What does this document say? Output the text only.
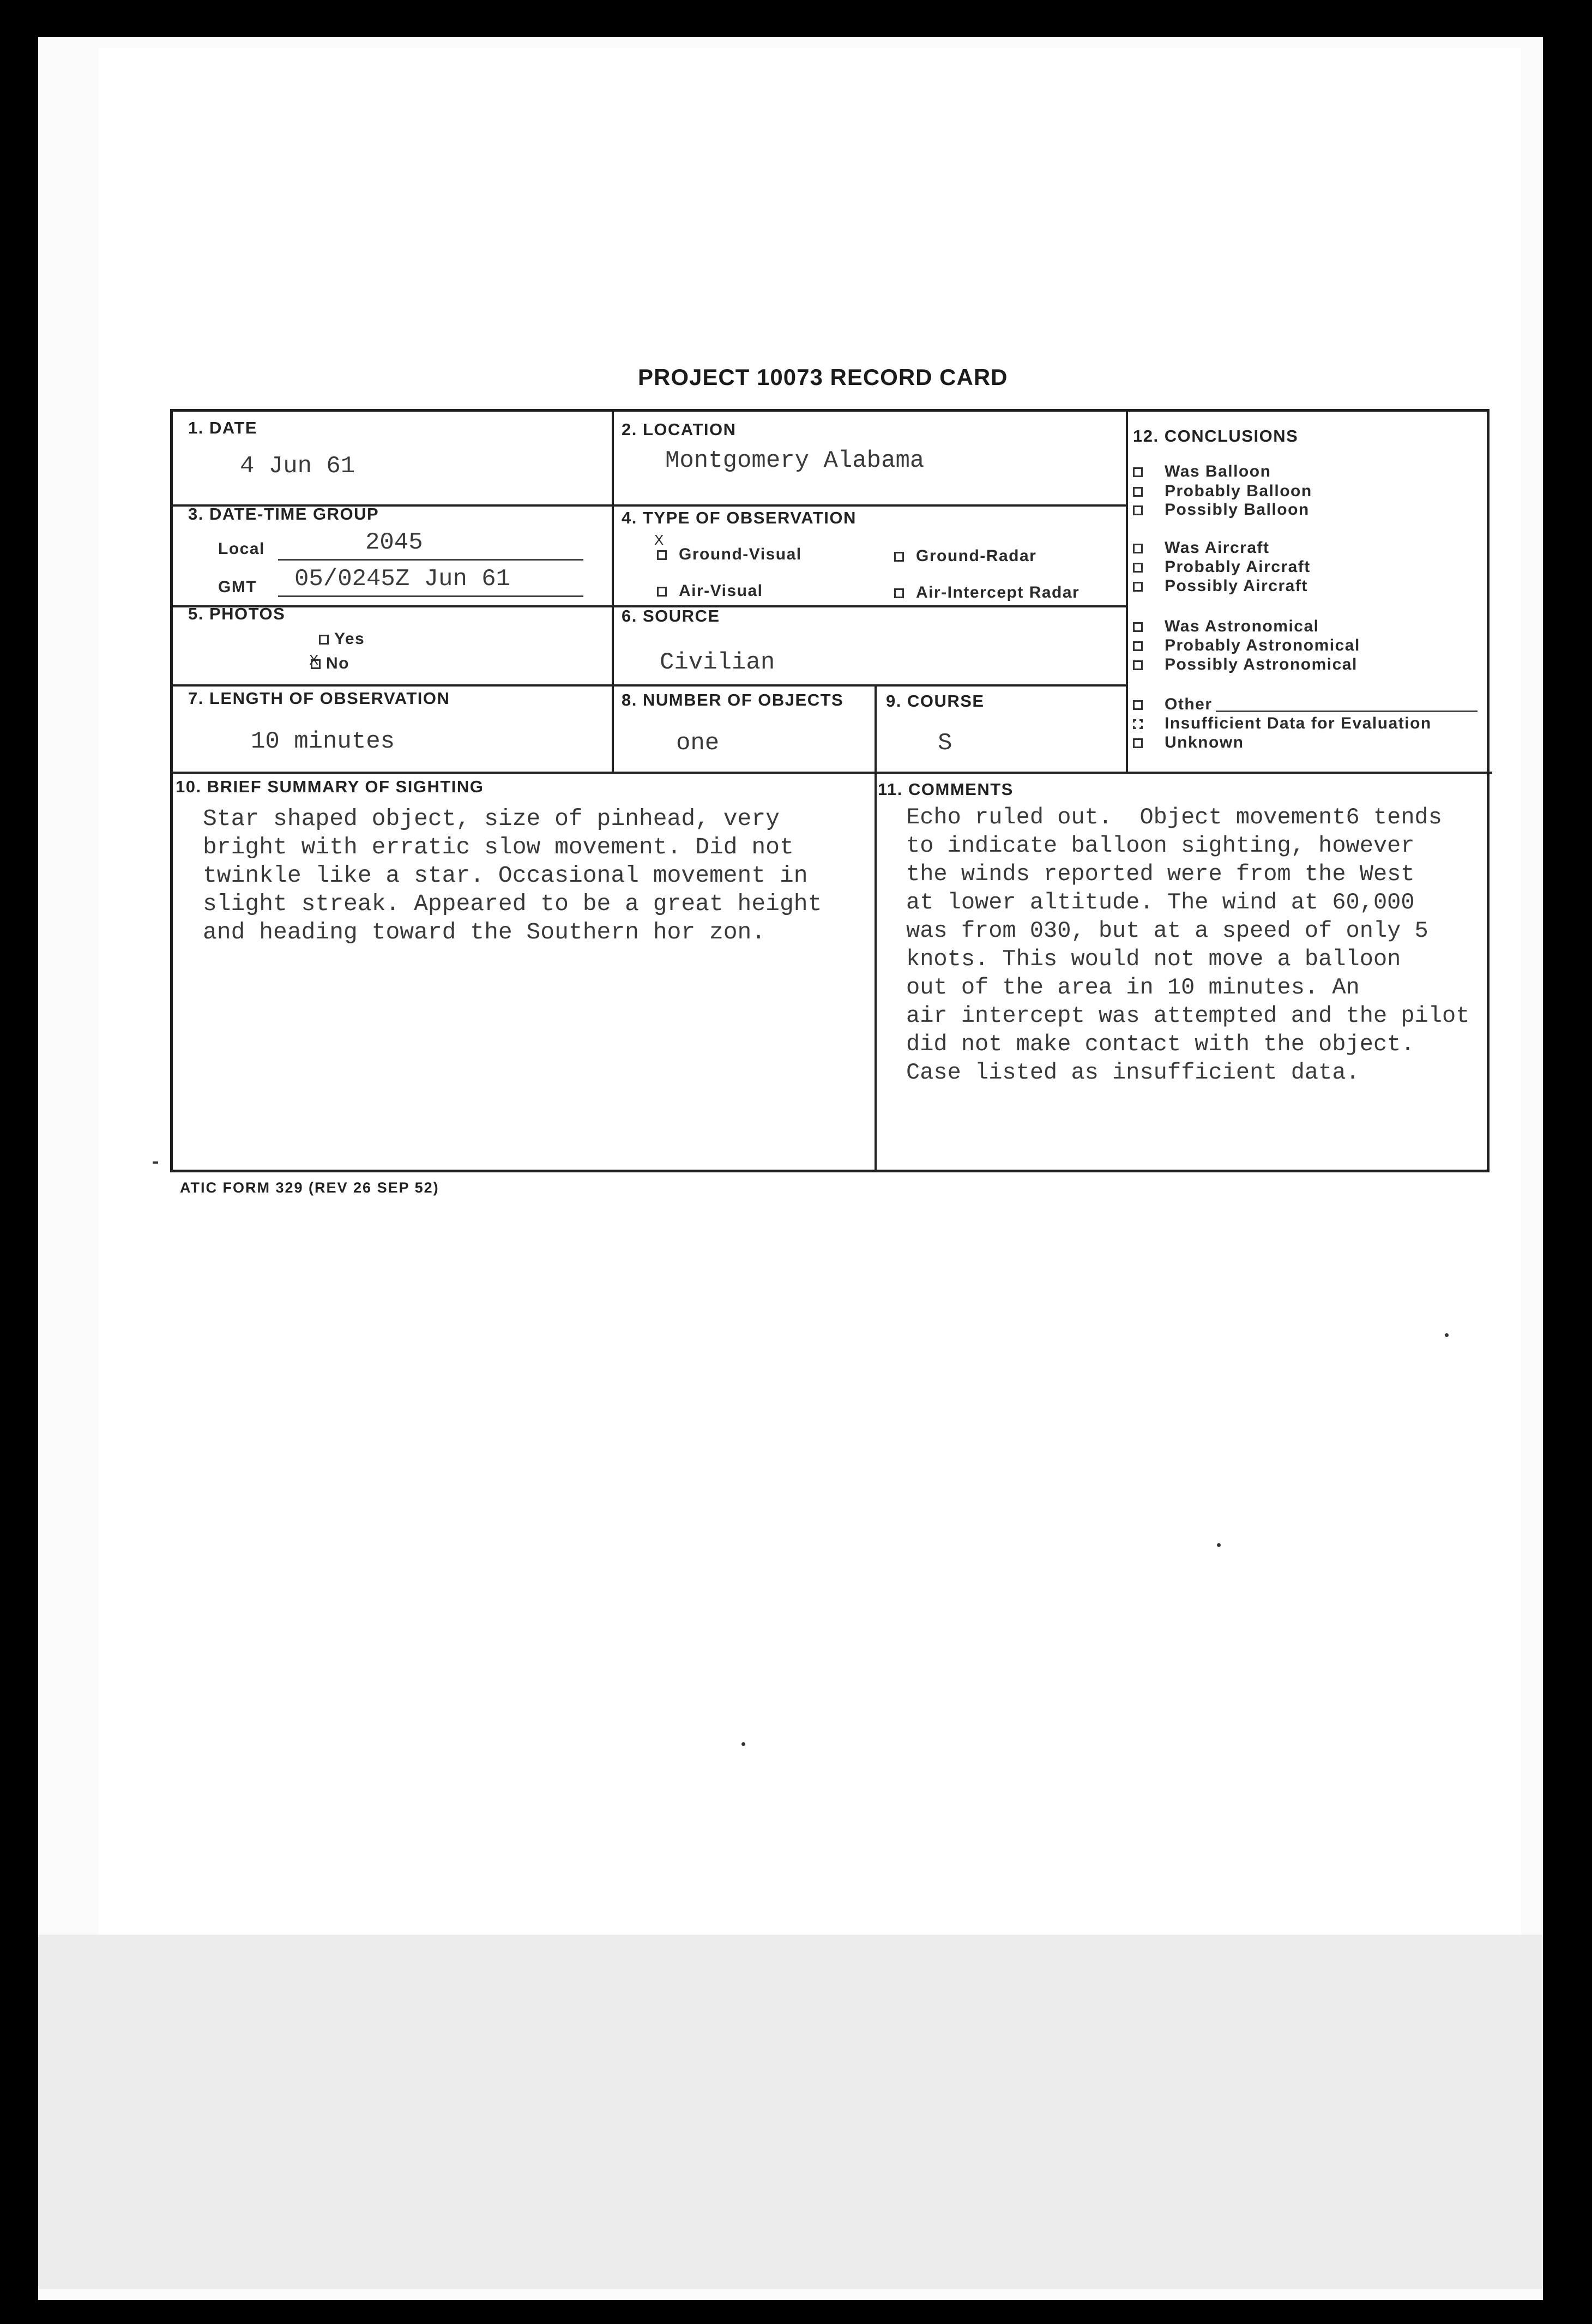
PROJECT 10073 RECORD CARD
1. DATE
4 Jun 61
2. LOCATION
Montgomery Alabama
3. DATE-TIME GROUP
Local	2045
GMT 05/0245Z Jun 61
4. TYPE OF OBSERVATION
Ground-Visual
X
Ground-Radar
Air-Visual	Air-Intercept Radar
5. PHOTOS
Yes
No
X
6. SOURCE
Civilian
7. LENGTH OF OBSERVATION
10 minutes
8. NUMBER OF OBJECTS
one
9. COURSE
S
12. CONCLUSIONS
Was Balloon
Probably Balloon
Possibly Balloon
Was Aircraft
Probably Aircraft
Possibly Aircraft
Was Astronomical
Probably Astronomical
Possibly Astronomical
Other
Insufficient Data for Evaluation
Unknown
10. BRIEF SUMMARY OF SIGHTING
Star shaped object, size of pinhead, very
bright with erratic slow movement. Did not
twinkle like a star. Occasional movement in
slight streak. Appeared to be a great height
and heading toward the Southern hor zon.
11. COMMENTS
Echo ruled out.  Object movement6 tends
to indicate balloon sighting, however
the winds reported were from the West
at lower altitude. The wind at 60,000
was from 030, but at a speed of only 5
knots. This would not move a balloon
out of the area in 10 minutes. An
air intercept was attempted and the pilot
did not make contact with the object.
Case listed as insufficient data.
ATIC FORM 329 (REV 26 SEP 52)
